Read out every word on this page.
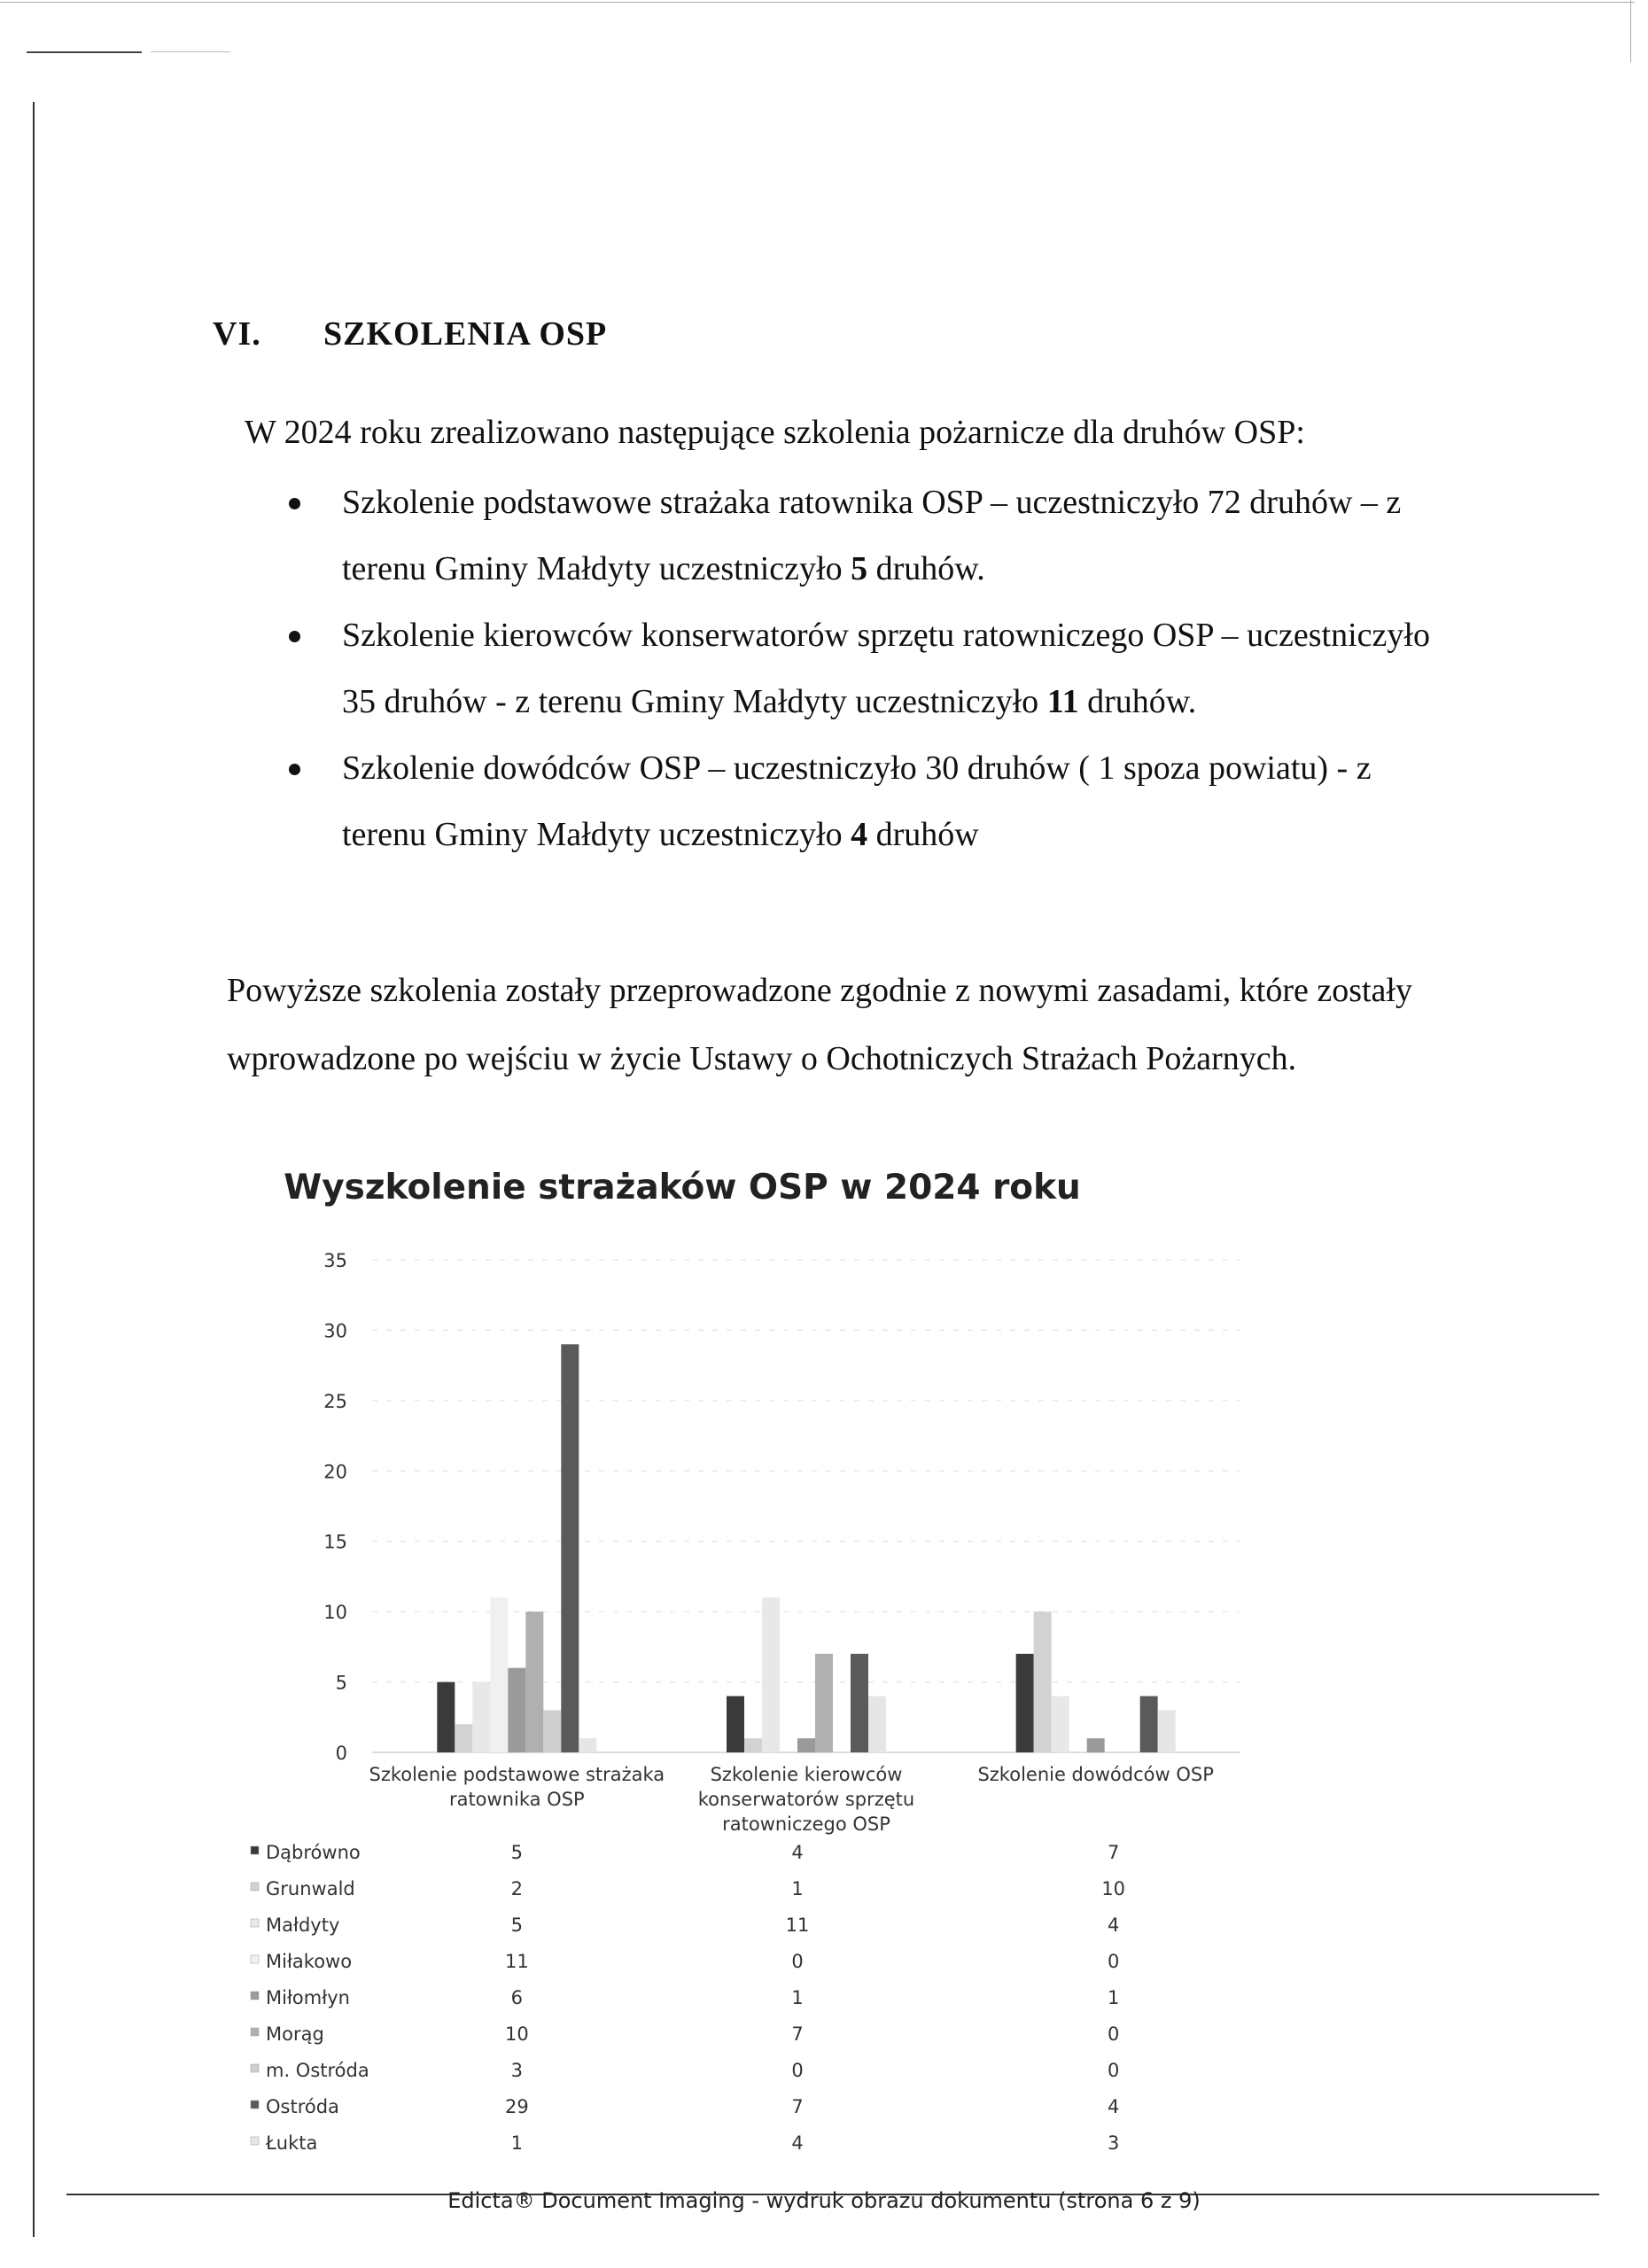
VI. SZKOLENIA OSP
W 2024 roku zrealizowano następujące szkolenia pożarnicze dla druhów OSP:
Szkolenie podstawowe strażaka ratownika OSP – uczestniczyło 72 druhów – z terenu Gminy Małdyty uczestniczyło 5 druhów.
Szkolenie kierowców konserwatorów sprzętu ratowniczego OSP – uczestniczyło 35 druhów - z terenu Gminy Małdyty uczestniczyło 11 druhów.
Szkolenie dowódców OSP – uczestniczyło 30 druhów ( 1 spoza powiatu) - z terenu Gminy Małdyty uczestniczyło 4 druhów
Powyższe szkolenia zostały przeprowadzone zgodnie z nowymi zasadami, które zostały wprowadzone po wejściu w życie Ustawy o Ochotniczych Strażach Pożarnych.
Wyszkolenie strażaków OSP w 2024 roku
0
5
10
15
20
25
30
35
Szkolenie podstawowe strażaka ratownika OSP
Szkolenie kierowców konserwatorów sprzętu ratowniczego OSP
Szkolenie dowódców OSP
Dąbrówno	5	4	7
Grunwald	2	1	10
Małdyty	5	11	4
Miłakowo	11	0	0
Miłomłyn	6	1	1
Morąg	10	7	0
m. Ostróda	3	0	0
Ostróda	29	7	4
Łukta	1	4	3
Edicta® Document Imaging - wydruk obrazu dokumentu (strona 6 z 9)
